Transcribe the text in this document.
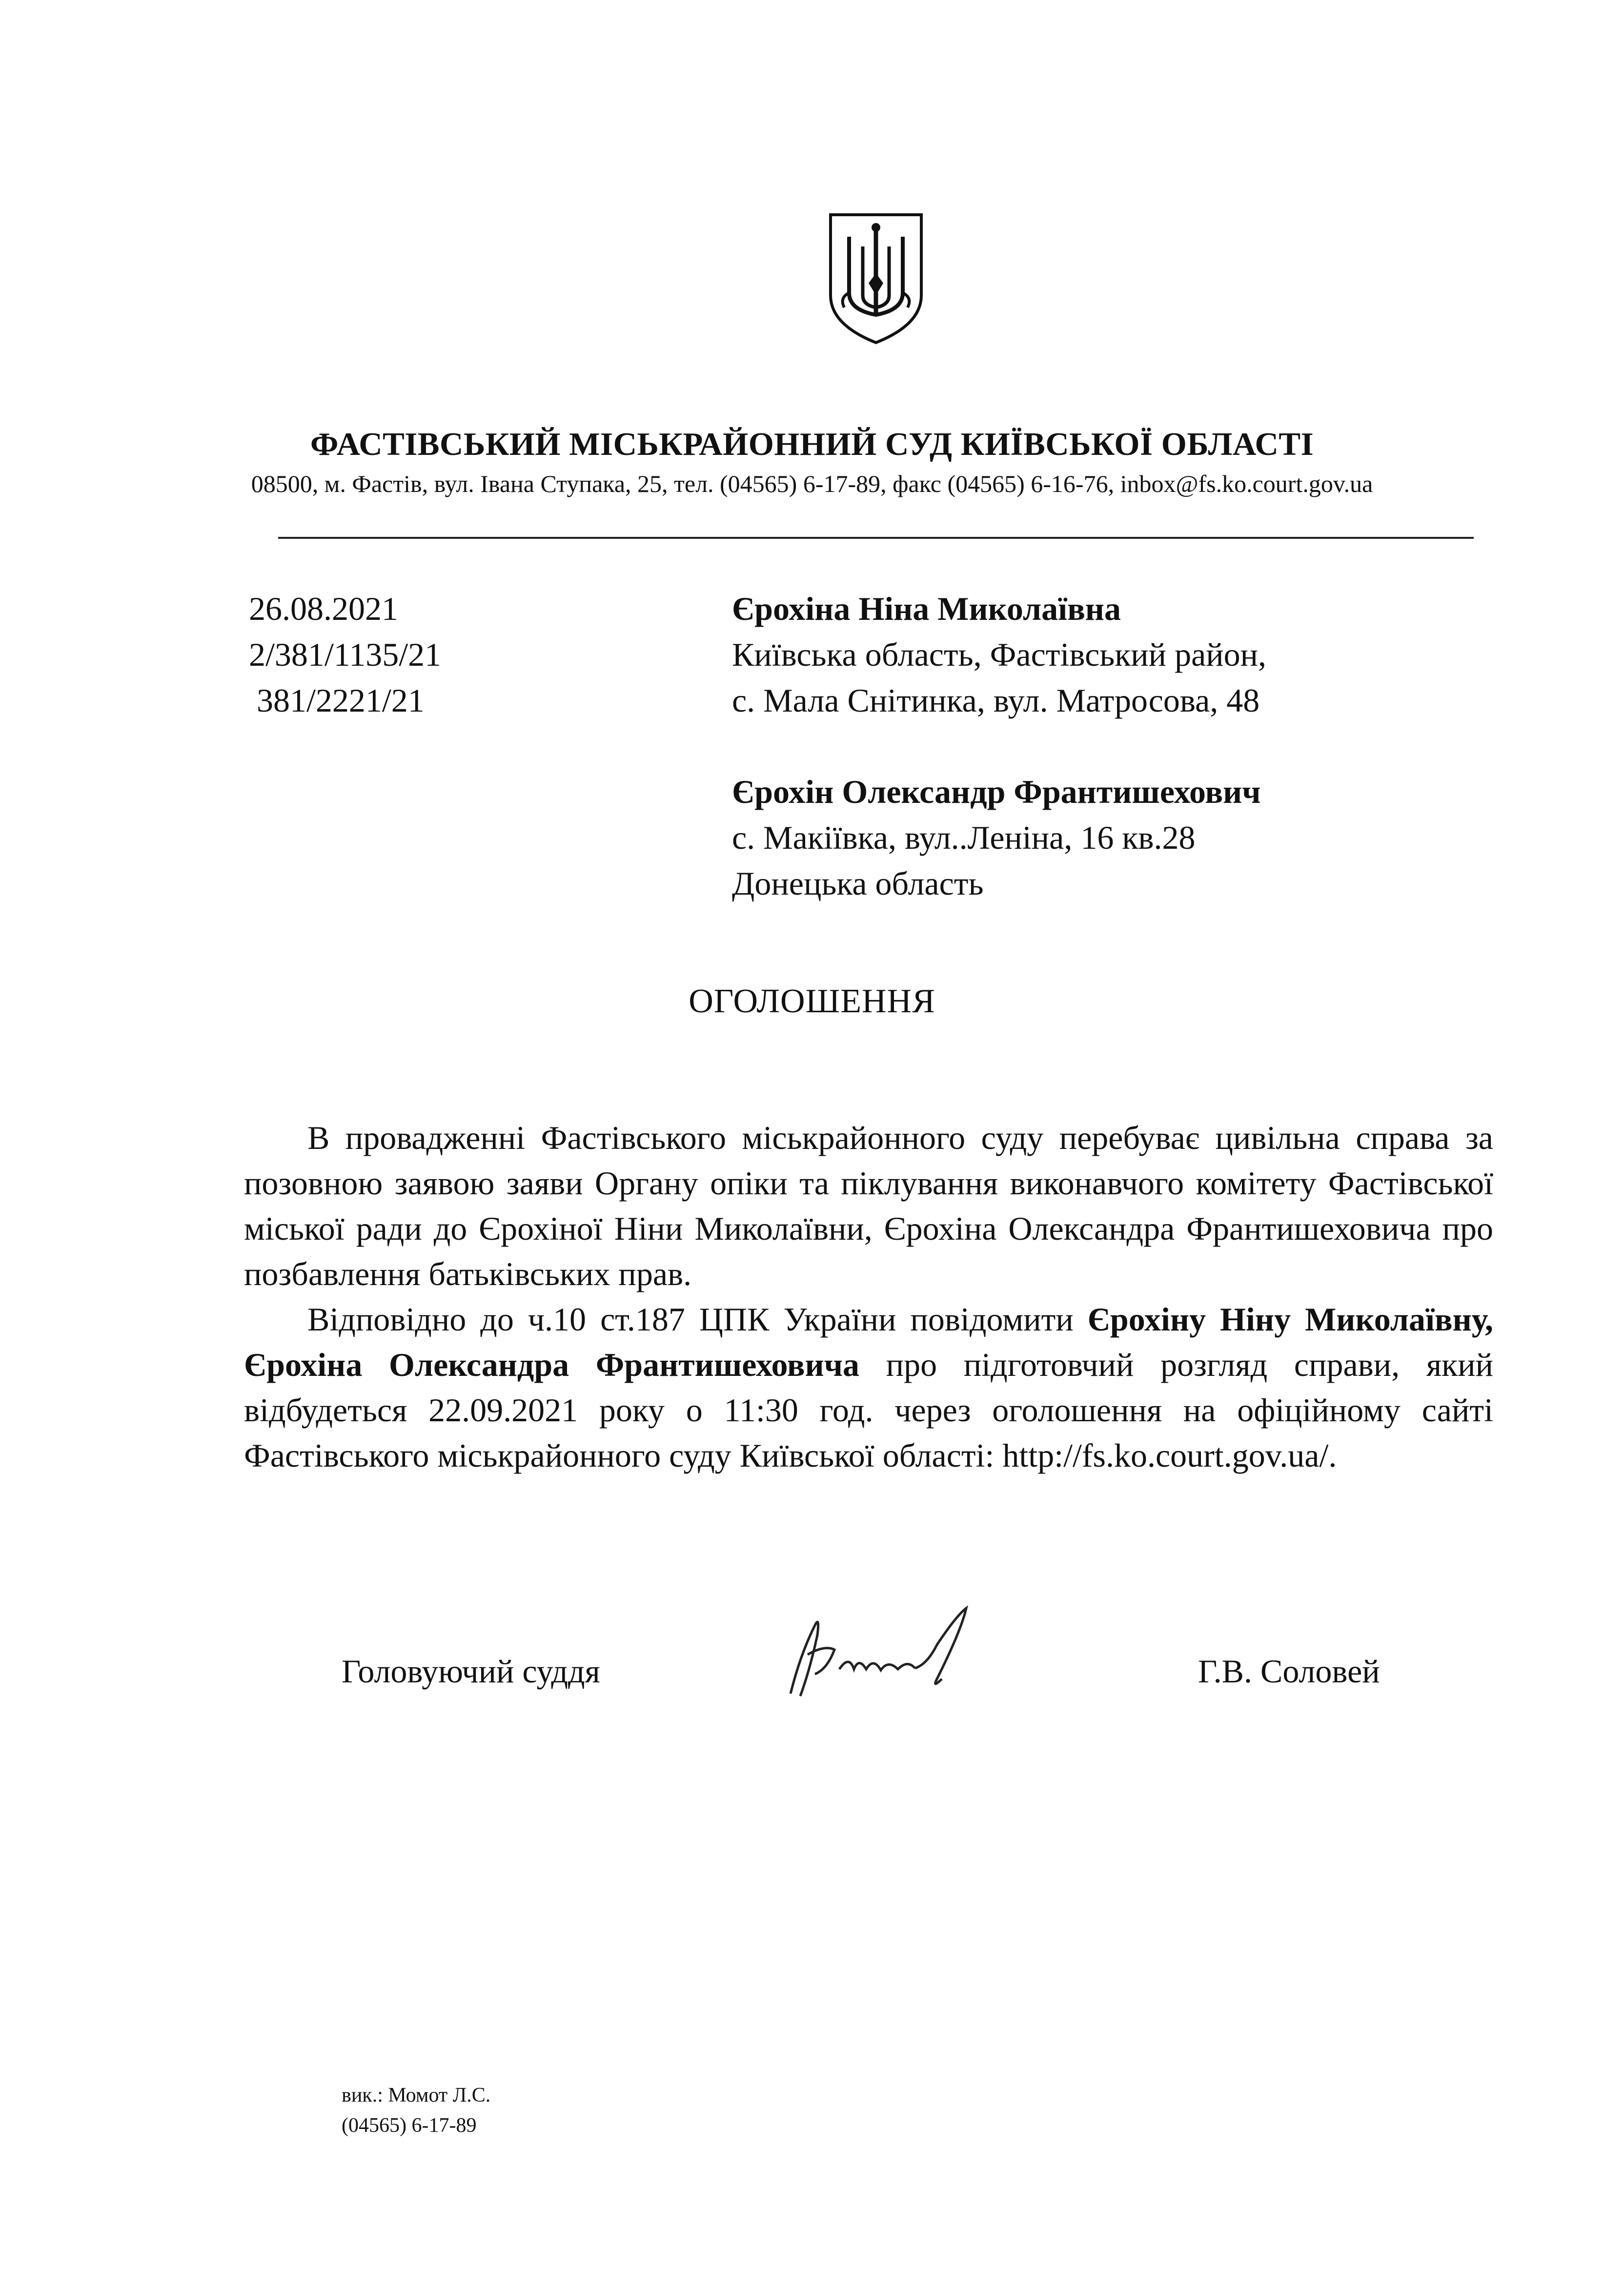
ФАСТІВСЬКИЙ МІСЬКРАЙОННИЙ СУД КИЇВСЬКОЇ ОБЛАСТІ
08500, м. Фастів, вул. Івана Ступака, 25, тел. (04565) 6-17-89, факс (04565) 6-16-76, inbox@fs.ko.court.gov.ua
26.08.2021
2/381/1135/21
381/2221/21
Єрохіна Ніна Миколаївна
Київська область, Фастівський район,
с. Мала Снітинка, вул. Матросова, 48
Єрохін Олександр Франтишехович
с. Макіївка, вул..Леніна, 16 кв.28
Донецька область
ОГОЛОШЕННЯ

В провадженні Фастівського міськрайонного суду перебуває цивільна справа за позовною заявою заяви Органу опіки та піклування виконавчого комітету Фастівської міської ради до Єрохіної Ніни Миколаївни, Єрохіна Олександра Франтишеховича про позбавлення батьківських прав.

Відповідно до ч.10 ст.187 ЦПК України повідомити Єрохіну Ніну Миколаївну, Єрохіна Олександра Франтишеховича про підготовчий розгляд справи, який відбудеться 22.09.2021 року о 11:30 год. через оголошення на офіційному сайті Фастівського міськрайонного суду Київської області: http://fs.ko.court.gov.ua/.

Головуючий суддя	Г.В. Соловей
вик.: Момот Л.С.
(04565) 6-17-89
